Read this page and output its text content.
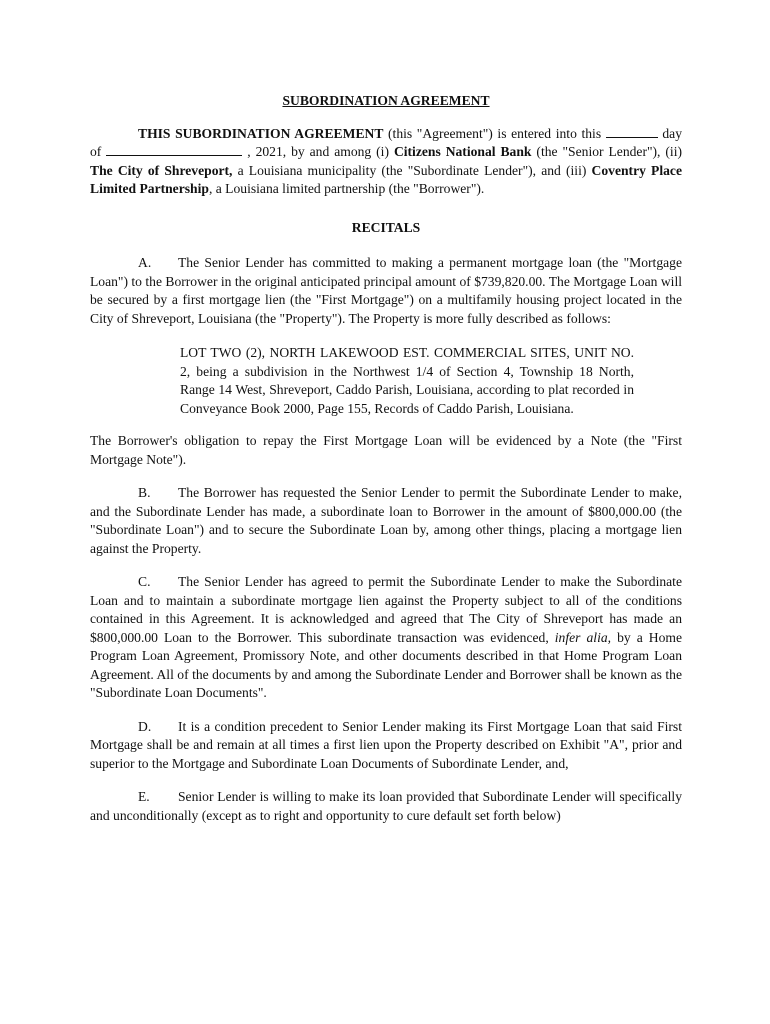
SUBORDINATION AGREEMENT

THIS SUBORDINATION AGREEMENT (this "Agreement") is entered into this	day of	, 2021, by and among (i) Citizens National Bank (the "Senior Lender"), (ii) The City of Shreveport, a Louisiana municipality (the "Subordinate Lender"), and (iii) Coventry Place Limited Partnership, a Louisiana limited partnership (the "Borrower").

RECITALS

A. The Senior Lender has committed to making a permanent mortgage loan (the "Mortgage Loan") to the Borrower in the original anticipated principal amount of $739,820.00. The Mortgage Loan will be secured by a first mortgage lien (the "First Mortgage") on a multifamily housing project located in the City of Shreveport, Louisiana (the "Property"). The Property is more fully described as follows:

LOT TWO (2), NORTH LAKEWOOD EST. COMMERCIAL SITES, UNIT NO. 2, being a subdivision in the Northwest 1/4 of Section 4, Township 18 North, Range 14 West, Shreveport, Caddo Parish, Louisiana, according to plat recorded in Conveyance Book 2000, Page 155, Records of Caddo Parish, Louisiana.

The Borrower's obligation to repay the First Mortgage Loan will be evidenced by a Note (the "First Mortgage Note").

B. The Borrower has requested the Senior Lender to permit the Subordinate Lender to make, and the Subordinate Lender has made, a subordinate loan to Borrower in the amount of $800,000.00 (the "Subordinate Loan") and to secure the Subordinate Loan by, among other things, placing a mortgage lien against the Property.

C. The Senior Lender has agreed to permit the Subordinate Lender to make the Subordinate Loan and to maintain a subordinate mortgage lien against the Property subject to all of the conditions contained in this Agreement. It is acknowledged and agreed that The City of Shreveport has made an $800,000.00 Loan to the Borrower. This subordinate transaction was evidenced, infer alia, by a Home Program Loan Agreement, Promissory Note, and other documents described in that Home Program Loan Agreement. All of the documents by and among the Subordinate Lender and Borrower shall be known as the "Subordinate Loan Documents".

D. It is a condition precedent to Senior Lender making its First Mortgage Loan that said First Mortgage shall be and remain at all times a first lien upon the Property described on Exhibit "A", prior and superior to the Mortgage and Subordinate Loan Documents of Subordinate Lender, and,

E. Senior Lender is willing to make its loan provided that Subordinate Lender will specifically and unconditionally (except as to right and opportunity to cure default set forth below)
